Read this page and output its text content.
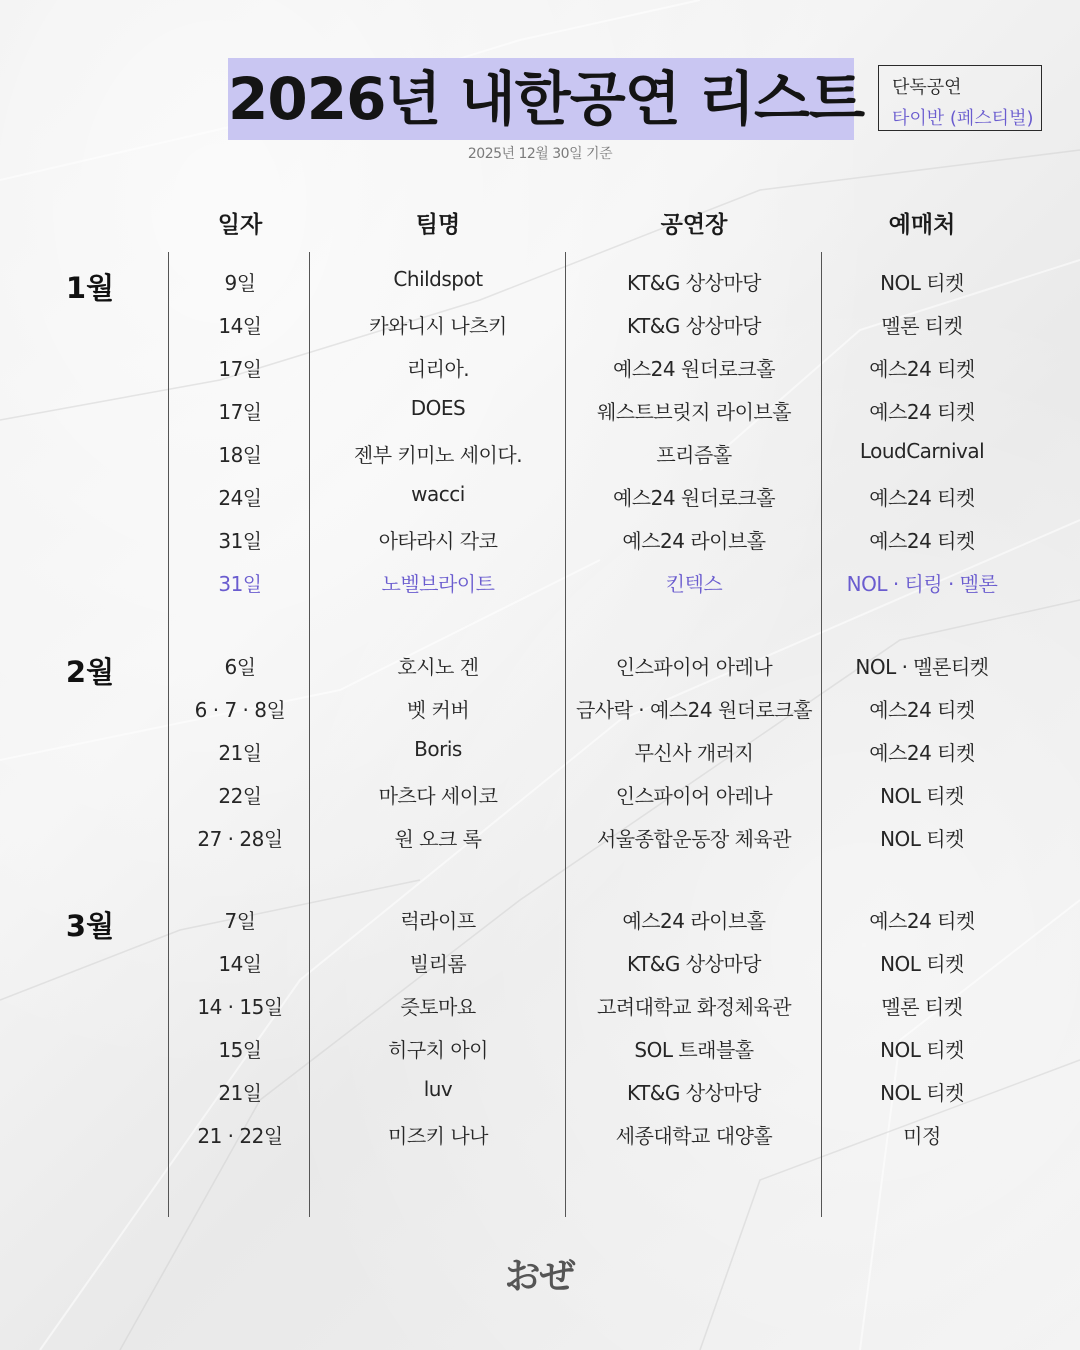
2026년 내한공연 리스트
2025년 12월 30일 기준
단독공연
타이반 (페스티벌)
일자	팀명	공연장	예매처
1월	9일	Childspot	KT&G 상상마당	NOL 티켓
14일	카와니시 나츠키	KT&G 상상마당	멜론 티켓
17일	리리아.	예스24 원더로크홀	예스24 티켓
17일	DOES	웨스트브릿지 라이브홀	예스24 티켓
18일	젠부 키미노 세이다.	프리즘홀	LoudCarnival
24일	wacci	예스24 원더로크홀	예스24 티켓
31일	아타라시 각코	예스24 라이브홀	예스24 티켓
31일	노벨브라이트	킨텍스	NOL · 티링 · 멜론
2월	6일	호시노 겐	인스파이어 아레나	NOL · 멜론티켓
6 · 7 · 8일	벳 커버	금사락 · 예스24 원더로크홀	예스24 티켓
21일	Boris	무신사 개러지	예스24 티켓
22일	마츠다 세이코	인스파이어 아레나	NOL 티켓
27 · 28일	원 오크 록	서울종합운동장 체육관	NOL 티켓
3월	7일	럭라이프	예스24 라이브홀	예스24 티켓
14일	빌리롬	KT&G 상상마당	NOL 티켓
14 · 15일	즛토마요	고려대학교 화정체육관	멜론 티켓
15일	히구치 아이	SOL 트래블홀	NOL 티켓
21일	luv	KT&G 상상마당	NOL 티켓
21 · 22일	미즈키 나나	세종대학교 대양홀	미정
おぜ
